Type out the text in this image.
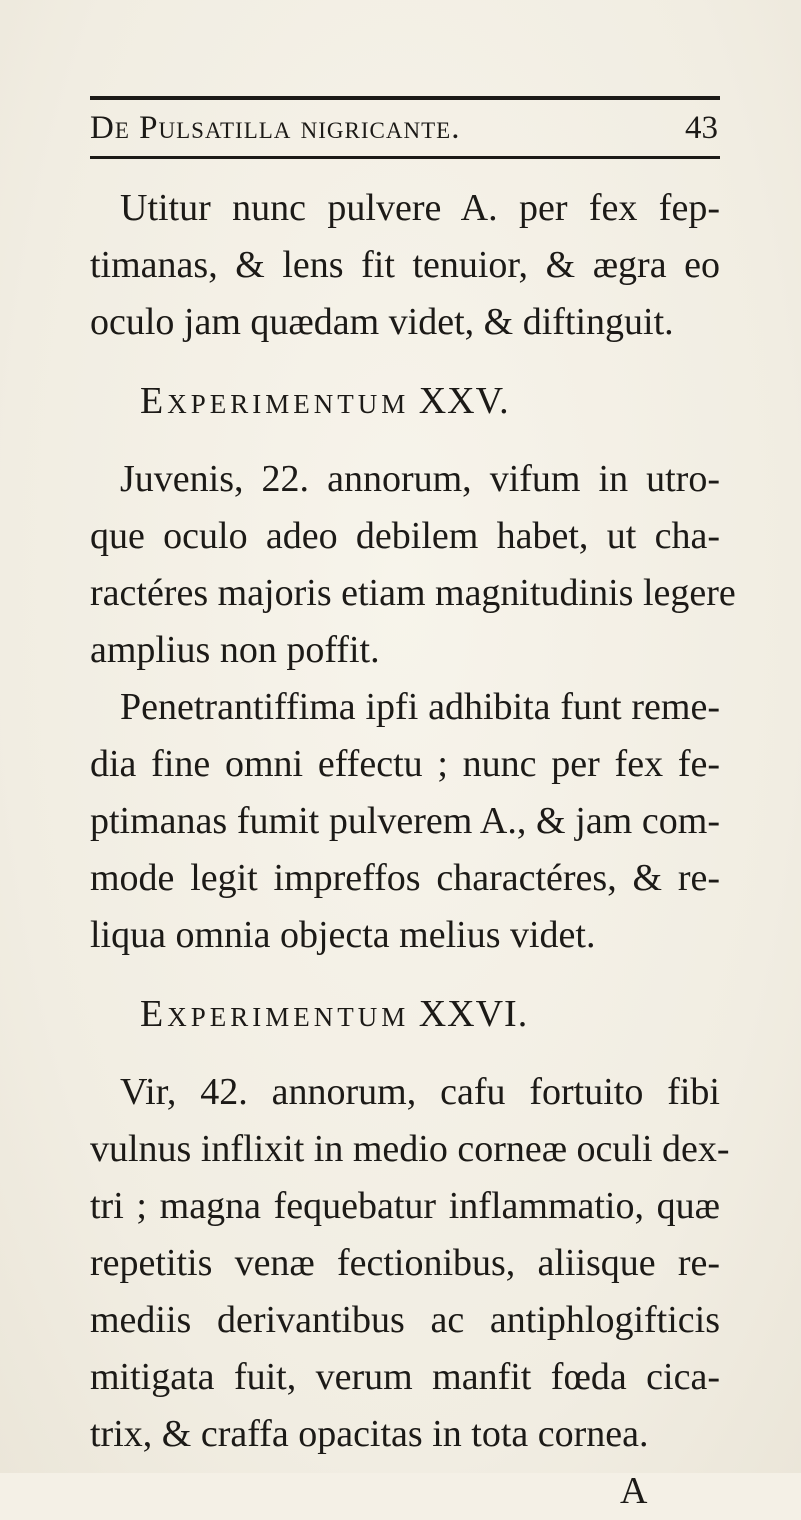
De Pulsatilla nigricante.	43
Utitur nunc pulvere A. per fex fep-
timanas, & lens fit tenuior, & ægra eo
oculo jam quædam videt, & diftinguit.
Experimentum XXV.
Juvenis, 22. annorum, vifum in utro-
que oculo adeo debilem habet, ut cha-
ractéres majoris etiam magnitudinis legere
amplius non poffit.
Penetrantiffima ipfi adhibita funt reme-
dia fine omni effectu ; nunc per fex fe-
ptimanas fumit pulverem A., & jam com-
mode legit impreffos charactéres, & re-
liqua omnia objecta melius videt.
Experimentum XXVI.
Vir, 42. annorum, cafu fortuito fibi
vulnus inflixit in medio corneæ oculi dex-
tri ; magna fequebatur inflammatio, quæ
repetitis venæ fectionibus, aliisque re-
mediis derivantibus ac antiphlogifticis
mitigata fuit, verum manfit fœda cica-
trix, & craffa opacitas in tota cornea.
A
